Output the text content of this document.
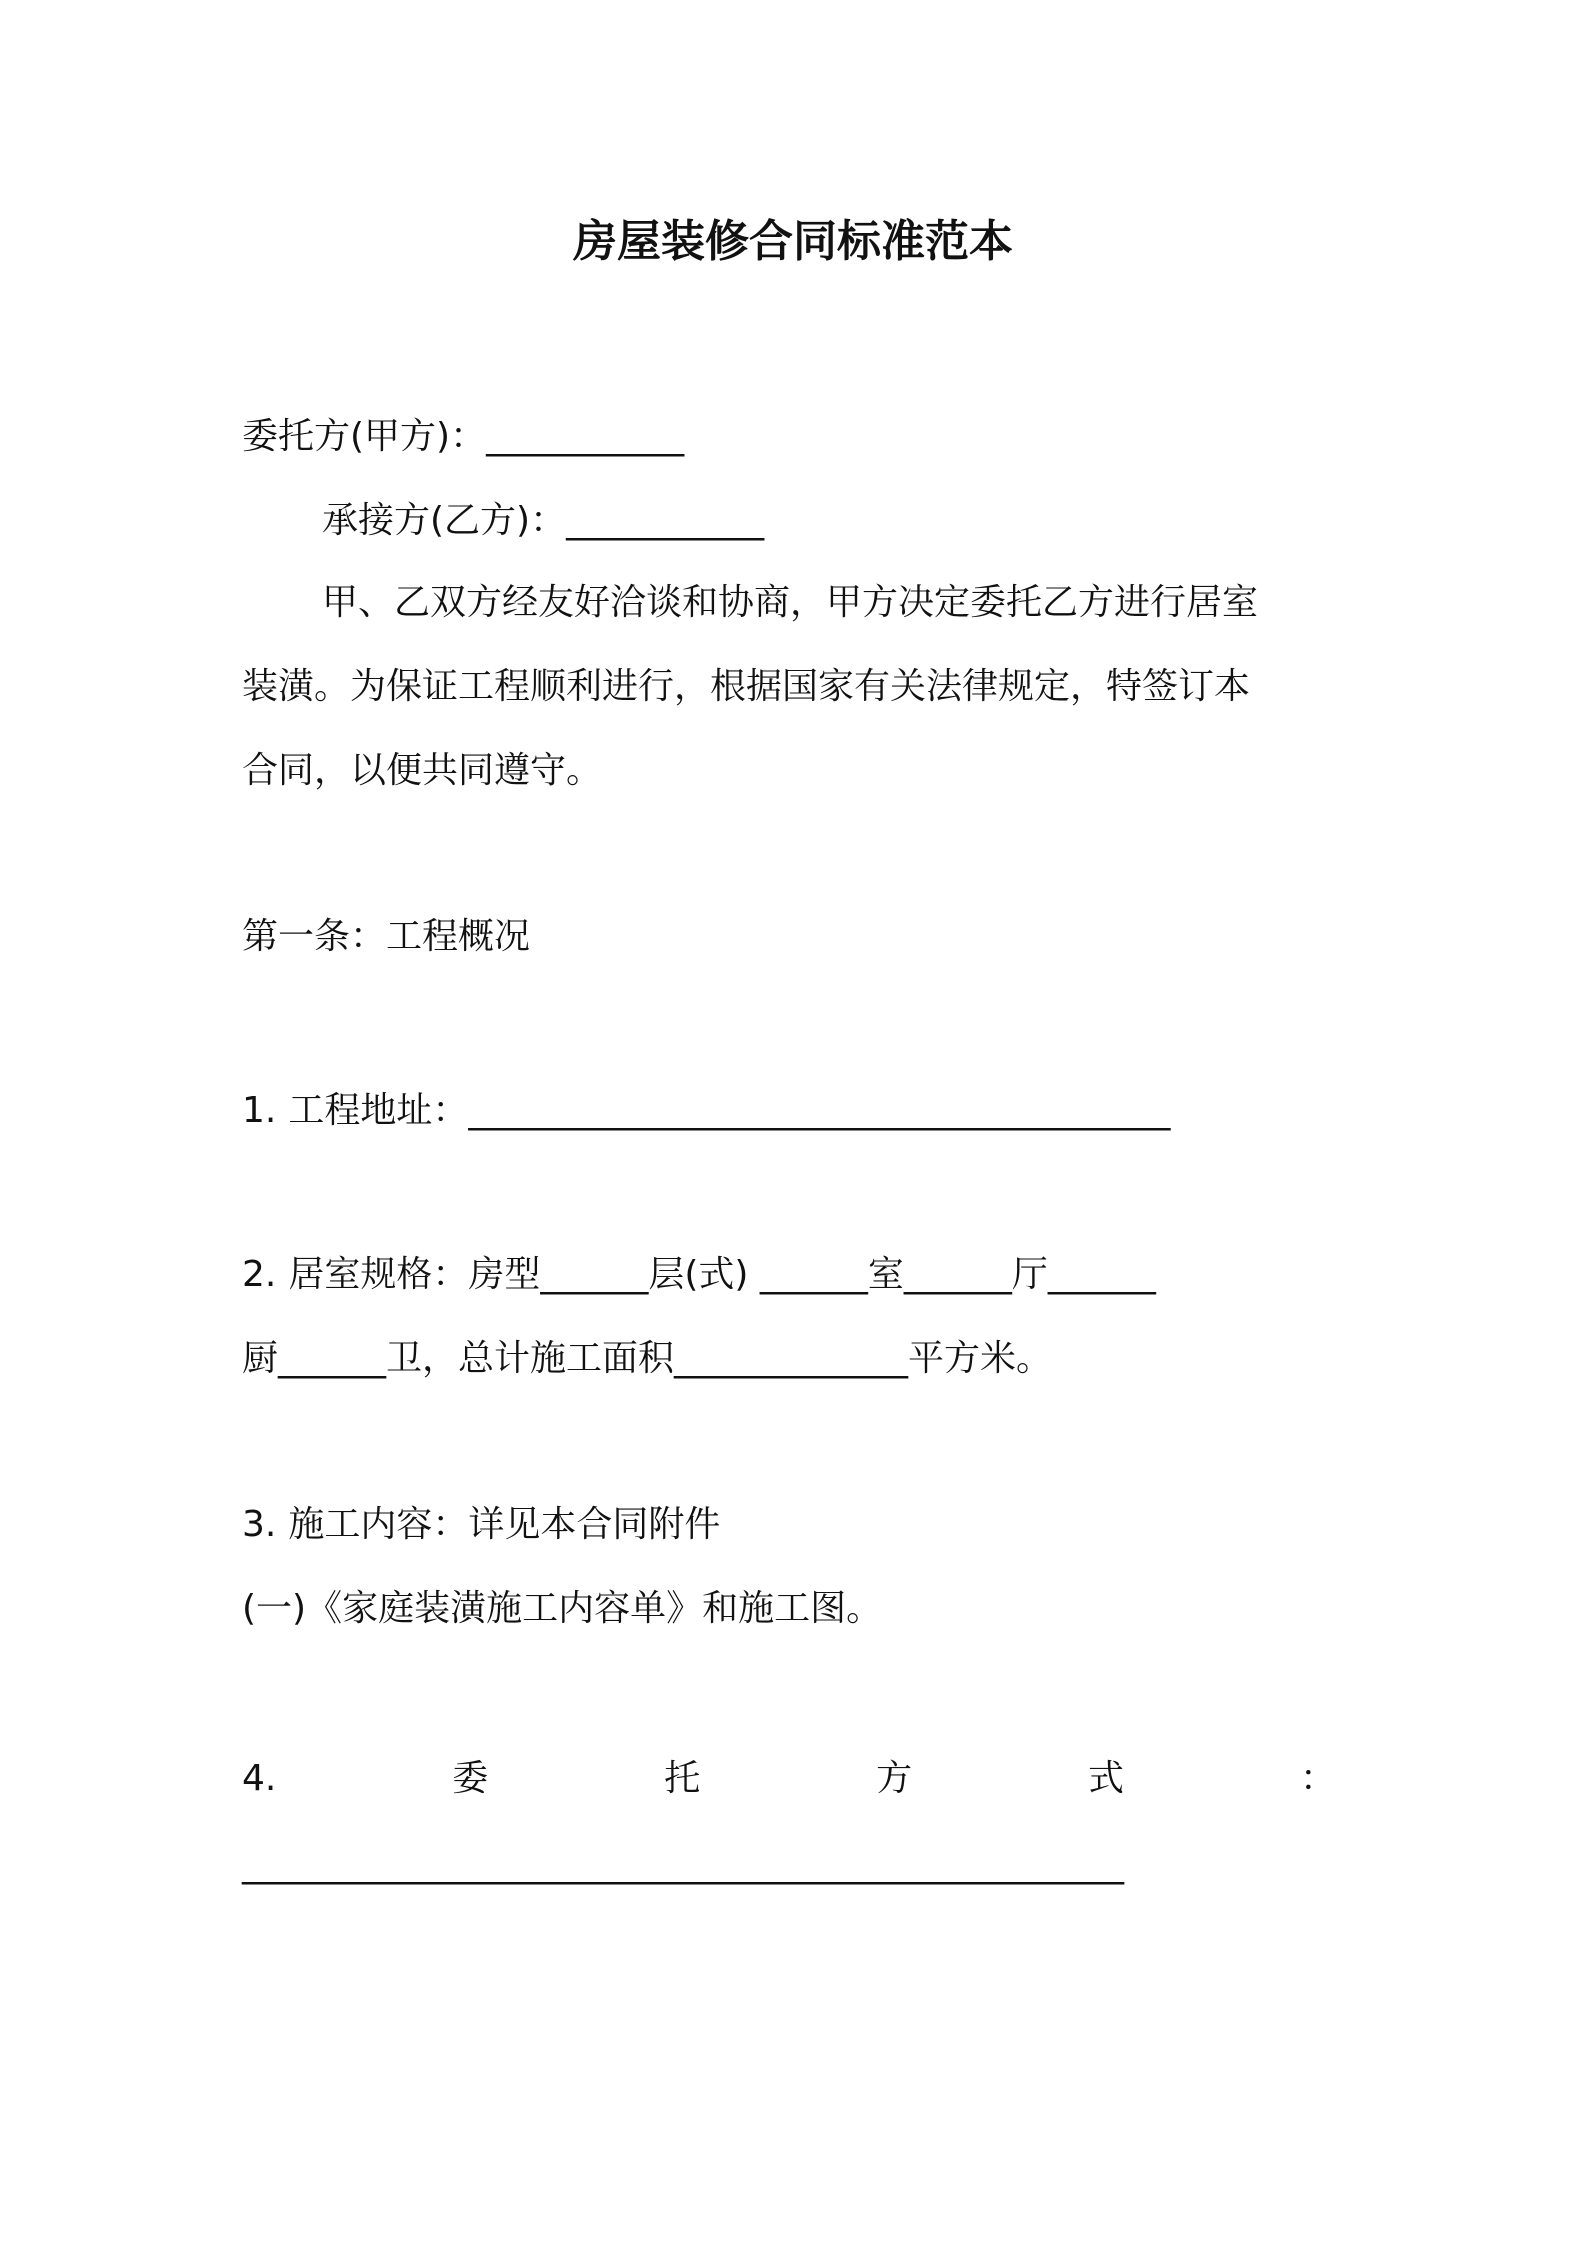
房屋装修合同标准范本
委托方(甲方)：___________
承接方(乙方)：___________
甲、乙双方经友好洽谈和协商，甲方决定委托乙方进行居室
装潢。为保证工程顺利进行，根据国家有关法律规定，特签订本
合同，以便共同遵守。
第一条：工程概况
1. 工程地址：_______________________________________
2. 居室规格：房型______层(式) ______室______厅______
厨______卫，总计施工面积_____________平方米。
3. 施工内容：详见本合同附件
(一)《家庭装潢施工内容单》和施工图。
4.	委	托	方	式	：
_________________________________________________
